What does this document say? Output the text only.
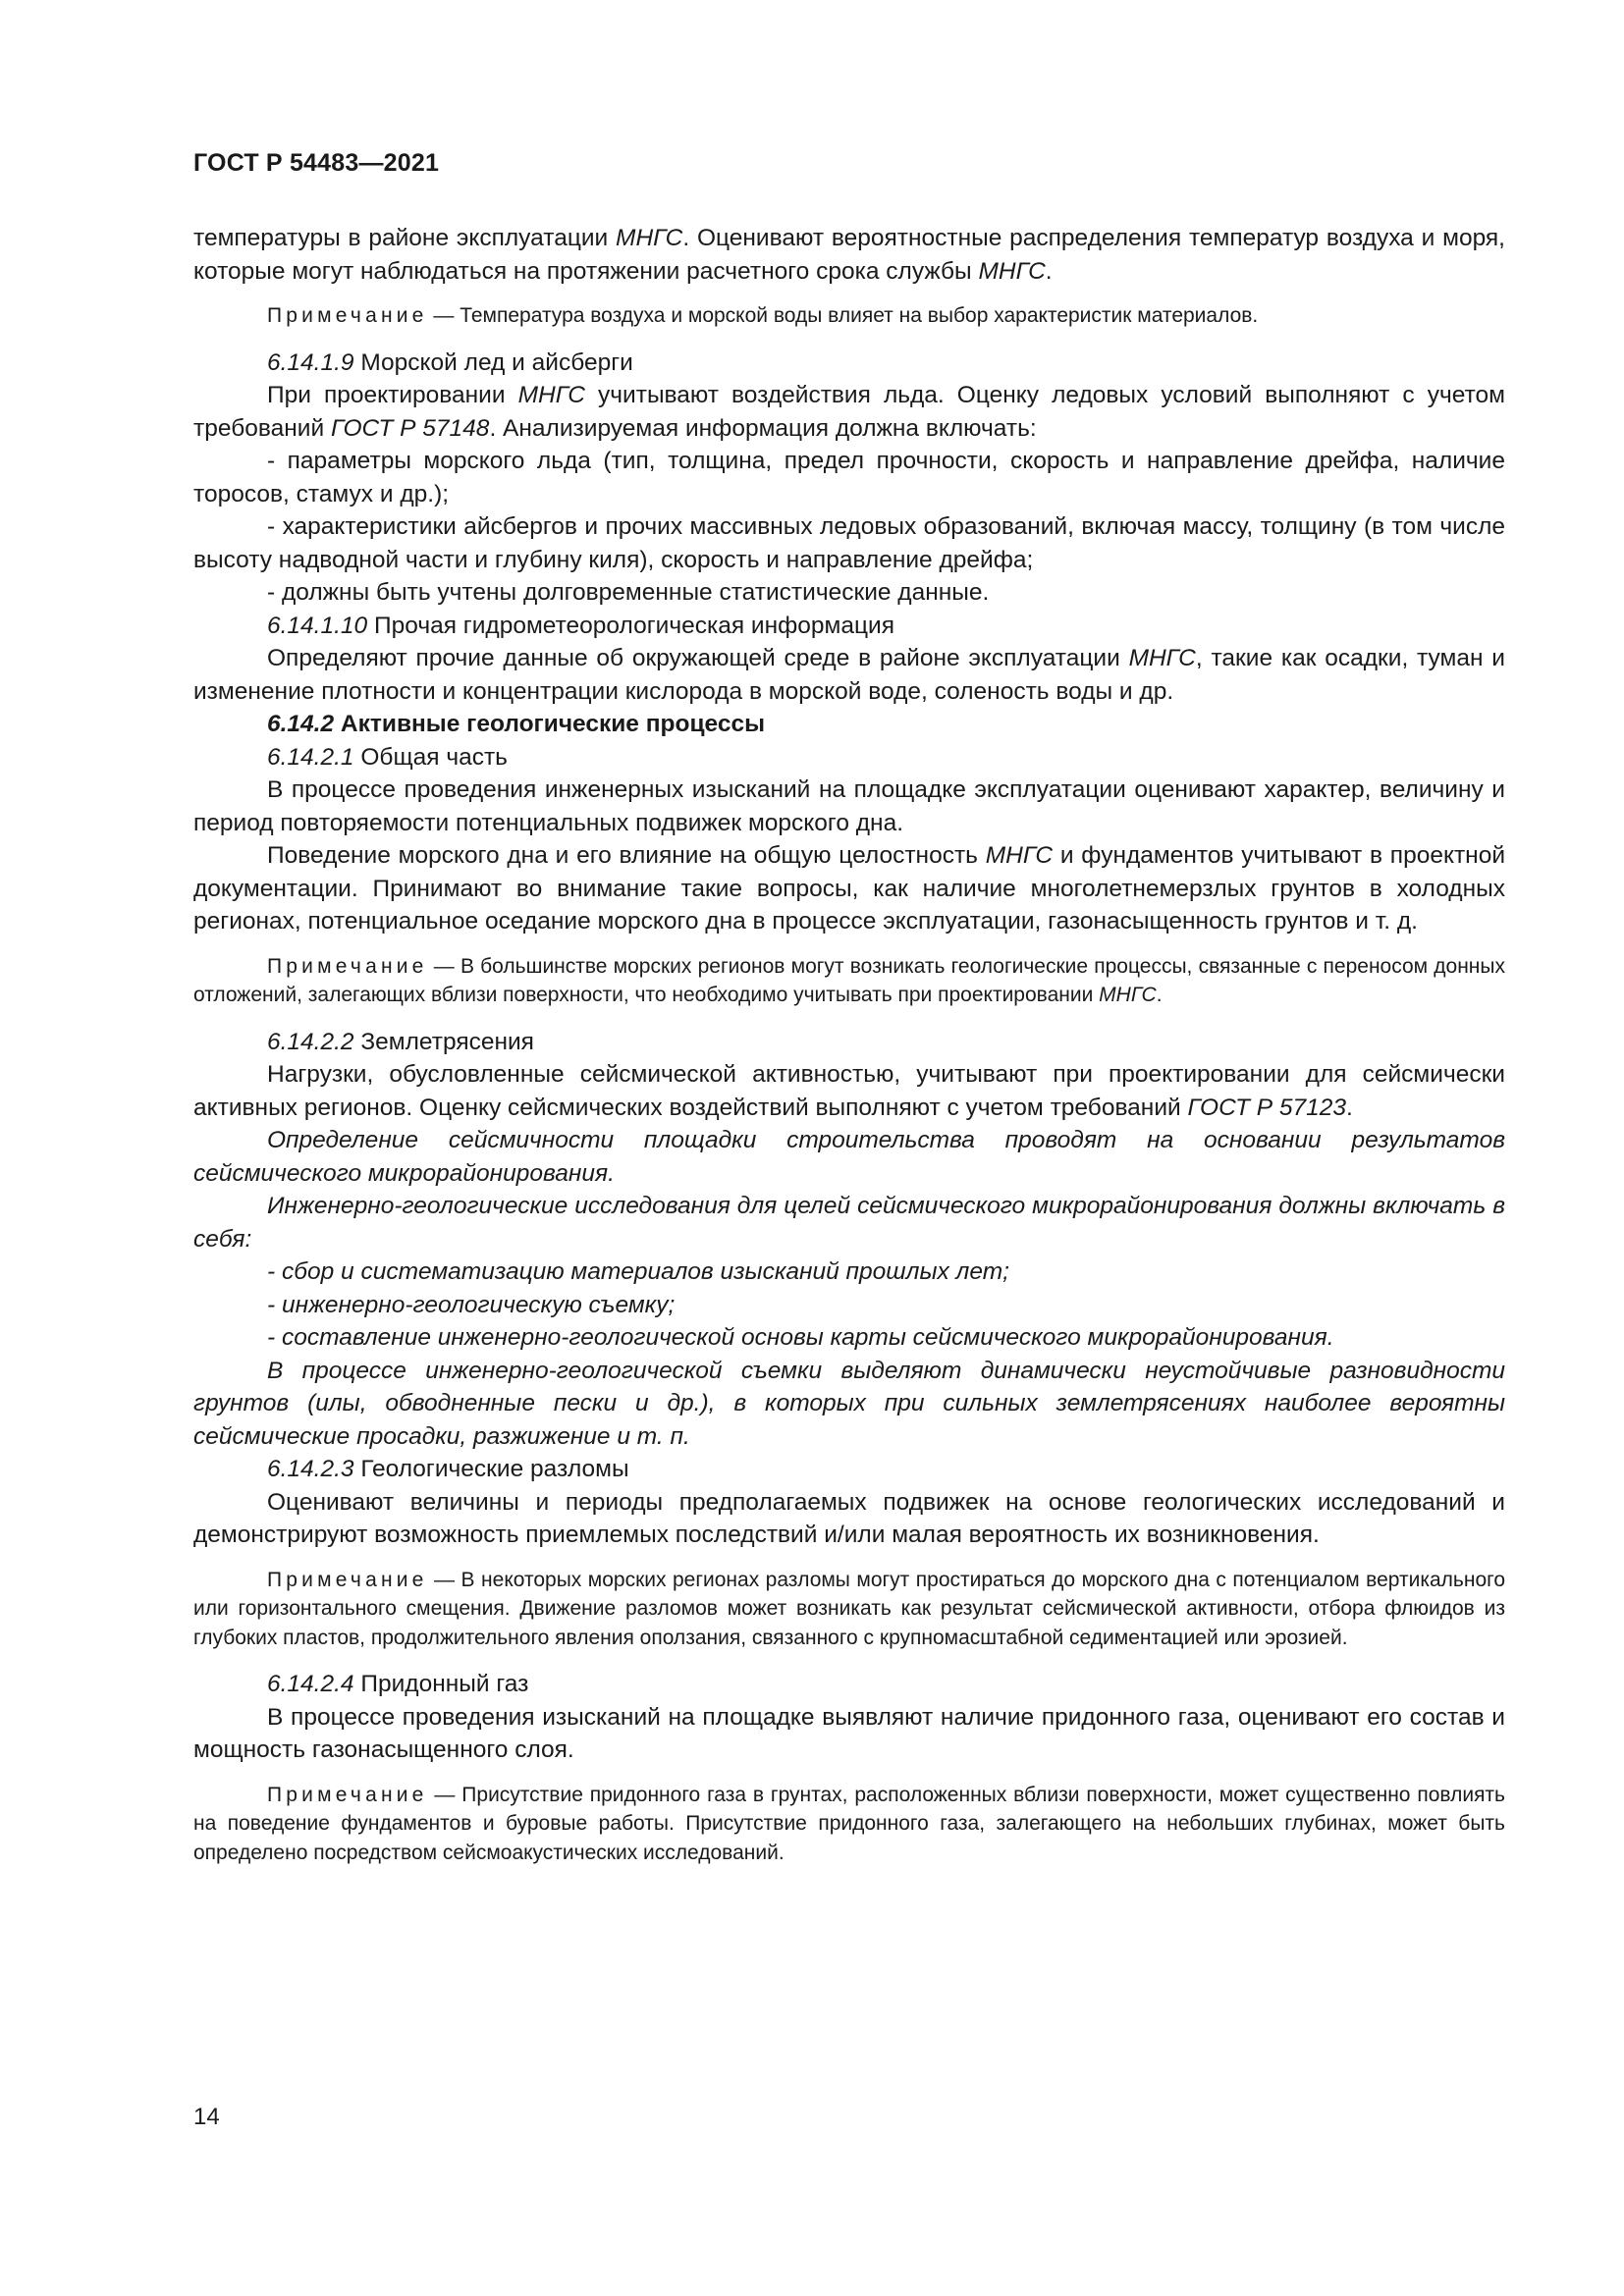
ГОСТ Р 54483—2021

температуры в районе эксплуатации МНГС. Оценивают вероятностные распределения температур воздуха и моря, которые могут наблюдаться на протяжении расчетного срока службы МНГС.

Примечание — Температура воздуха и морской воды влияет на выбор характеристик материалов.

6.14.1.9 Морской лед и айсберги

При проектировании МНГС учитывают воздействия льда. Оценку ледовых условий выполняют с учетом требований ГОСТ Р 57148. Анализируемая информация должна включать:

- параметры морского льда (тип, толщина, предел прочности, скорость и направление дрейфа, наличие торосов, стамух и др.);

- характеристики айсбергов и прочих массивных ледовых образований, включая массу, толщину (в том числе высоту надводной части и глубину киля), скорость и направление дрейфа;

- должны быть учтены долговременные статистические данные.

6.14.1.10 Прочая гидрометеорологическая информация

Определяют прочие данные об окружающей среде в районе эксплуатации МНГС, такие как осадки, туман и изменение плотности и концентрации кислорода в морской воде, соленость воды и др.

6.14.2 Активные геологические процессы

6.14.2.1 Общая часть

В процессе проведения инженерных изысканий на площадке эксплуатации оценивают характер, величину и период повторяемости потенциальных подвижек морского дна.

Поведение морского дна и его влияние на общую целостность МНГС и фундаментов учитывают в проектной документации. Принимают во внимание такие вопросы, как наличие многолетнемерзлых грунтов в холодных регионах, потенциальное оседание морского дна в процессе эксплуатации, газонасыщенность грунтов и т. д.

Примечание — В большинстве морских регионов могут возникать геологические процессы, связанные с переносом донных отложений, залегающих вблизи поверхности, что необходимо учитывать при проектировании МНГС.

6.14.2.2 Землетрясения

Нагрузки, обусловленные сейсмической активностью, учитывают при проектировании для сейсмически активных регионов. Оценку сейсмических воздействий выполняют с учетом требований ГОСТ Р 57123.

Определение сейсмичности площадки строительства проводят на основании результатов сейсмического микрорайонирования.

Инженерно-геологические исследования для целей сейсмического микрорайонирования должны включать в себя:

- сбор и систематизацию материалов изысканий прошлых лет;

- инженерно-геологическую съемку;

- составление инженерно-геологической основы карты сейсмического микрорайонирования.

В процессе инженерно-геологической съемки выделяют динамически неустойчивые разновидности грунтов (илы, обводненные пески и др.), в которых при сильных землетрясениях наиболее вероятны сейсмические просадки, разжижение и т. п.

6.14.2.3 Геологические разломы

Оценивают величины и периоды предполагаемых подвижек на основе геологических исследований и демонстрируют возможность приемлемых последствий и/или малая вероятность их возникновения.

Примечание — В некоторых морских регионах разломы могут простираться до морского дна с потенциалом вертикального или горизонтального смещения. Движение разломов может возникать как результат сейсмической активности, отбора флюидов из глубоких пластов, продолжительного явления оползания, связанного с крупномасштабной седиментацией или эрозией.

6.14.2.4 Придонный газ

В процессе проведения изысканий на площадке выявляют наличие придонного газа, оценивают его состав и мощность газонасыщенного слоя.

Примечание — Присутствие придонного газа в грунтах, расположенных вблизи поверхности, может существенно повлиять на поведение фундаментов и буровые работы. Присутствие придонного газа, залегающего на небольших глубинах, может быть определено посредством сейсмоакустических исследований.

14
